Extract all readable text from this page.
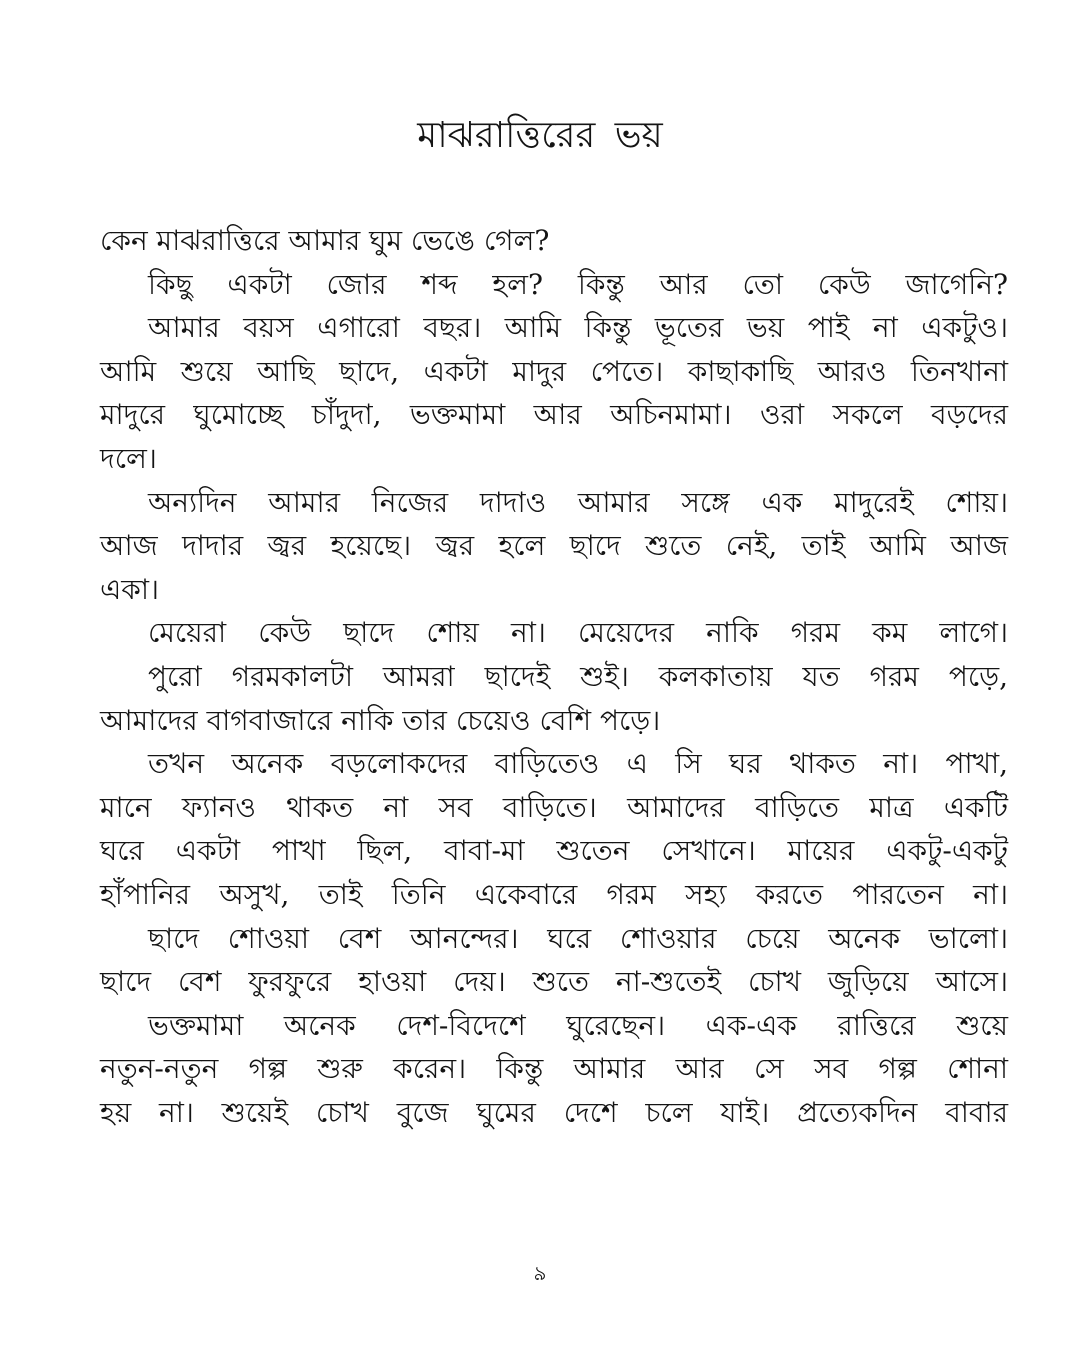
মাঝরাত্তিরের ভয়
কেন মাঝরাত্তিরে আমার ঘুম ভেঙে গেল?
কিছু একটা জোর শব্দ হল? কিন্তু আর তো কেউ জাগেনি?
আমার বয়স এগারো বছর। আমি কিন্তু ভূতের ভয় পাই না একটুও।
আমি শুয়ে আছি ছাদে, একটা মাদুর পেতে। কাছাকাছি আরও তিনখানা
মাদুরে ঘুমোচ্ছে চাঁদুদা, ভক্তমামা আর অচিনমামা। ওরা সকলে বড়দের
দলে।
অন্যদিন আমার নিজের দাদাও আমার সঙ্গে এক মাদুরেই শোয়।
আজ দাদার জ্বর হয়েছে। জ্বর হলে ছাদে শুতে নেই, তাই আমি আজ
একা।
মেয়েরা কেউ ছাদে শোয় না। মেয়েদের নাকি গরম কম লাগে।
পুরো গরমকালটা আমরা ছাদেই শুই। কলকাতায় যত গরম পড়ে,
আমাদের বাগবাজারে নাকি তার চেয়েও বেশি পড়ে।
তখন অনেক বড়লোকদের বাড়িতেও এ সি ঘর থাকত না। পাখা,
মানে ফ্যানও থাকত না সব বাড়িতে। আমাদের বাড়িতে মাত্র একটি
ঘরে একটা পাখা ছিল, বাবা-মা শুতেন সেখানে। মায়ের একটু-একটু
হাঁপানির অসুখ, তাই তিনি একেবারে গরম সহ্য করতে পারতেন না।
ছাদে শোওয়া বেশ আনন্দের। ঘরে শোওয়ার চেয়ে অনেক ভালো।
ছাদে বেশ ফুরফুরে হাওয়া দেয়। শুতে না-শুতেই চোখ জুড়িয়ে আসে।
ভক্তমামা অনেক দেশ-বিদেশে ঘুরেছেন। এক-এক রাত্তিরে শুয়ে
নতুন-নতুন গল্প শুরু করেন। কিন্তু আমার আর সে সব গল্প শোনা
হয় না। শুয়েই চোখ বুজে ঘুমের দেশে চলে যাই। প্রত্যেকদিন বাবার
৯
